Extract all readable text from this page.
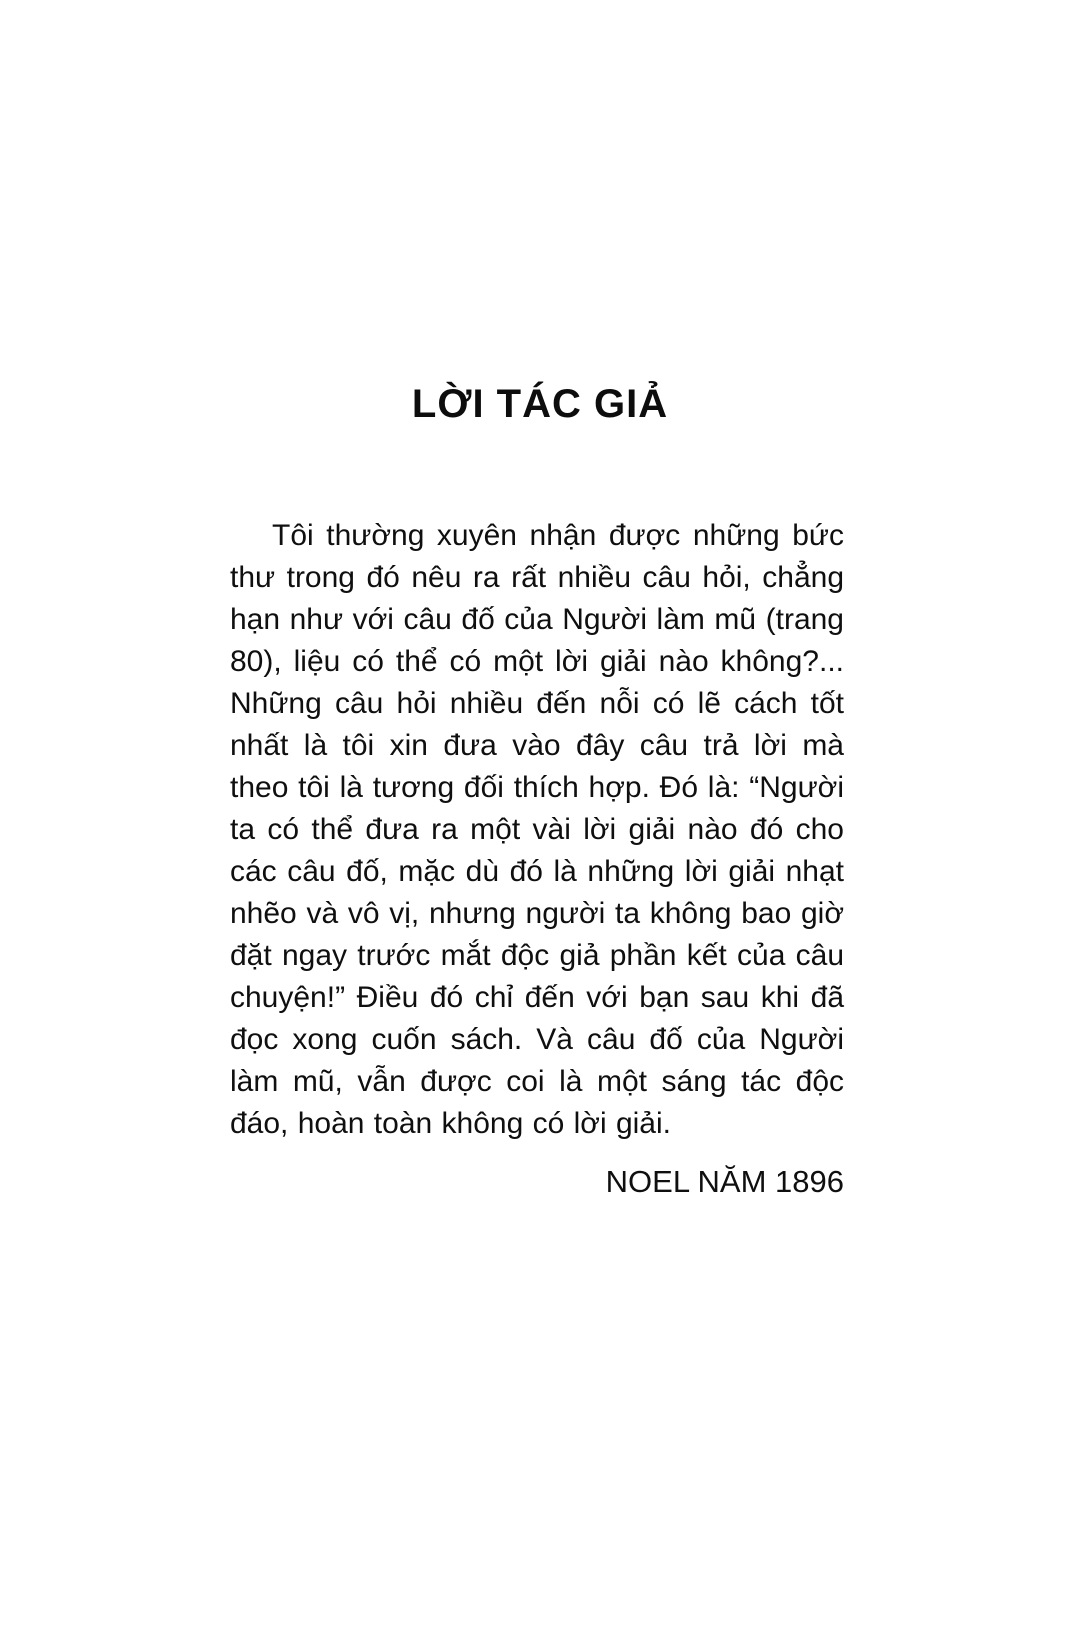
LỜI TÁC GIẢ

Tôi thường xuyên nhận được những bức thư trong đó nêu ra rất nhiều câu hỏi, chẳng hạn như với câu đố của Người làm mũ (trang 80), liệu có thể có một lời giải nào không?... Những câu hỏi nhiều đến nỗi có lẽ cách tốt nhất là tôi xin đưa vào đây câu trả lời mà theo tôi là tương đối thích hợp. Đó là: “Người ta có thể đưa ra một vài lời giải nào đó cho các câu đố, mặc dù đó là những lời giải nhạt nhẽo và vô vị, nhưng người ta không bao giờ đặt ngay trước mắt độc giả phần kết của câu chuyện!” Điều đó chỉ đến với bạn sau khi đã đọc xong cuốn sách. Và câu đố của Người làm mũ, vẫn được coi là một sáng tác độc đáo, hoàn toàn không có lời giải.

NOEL NĂM 1896
